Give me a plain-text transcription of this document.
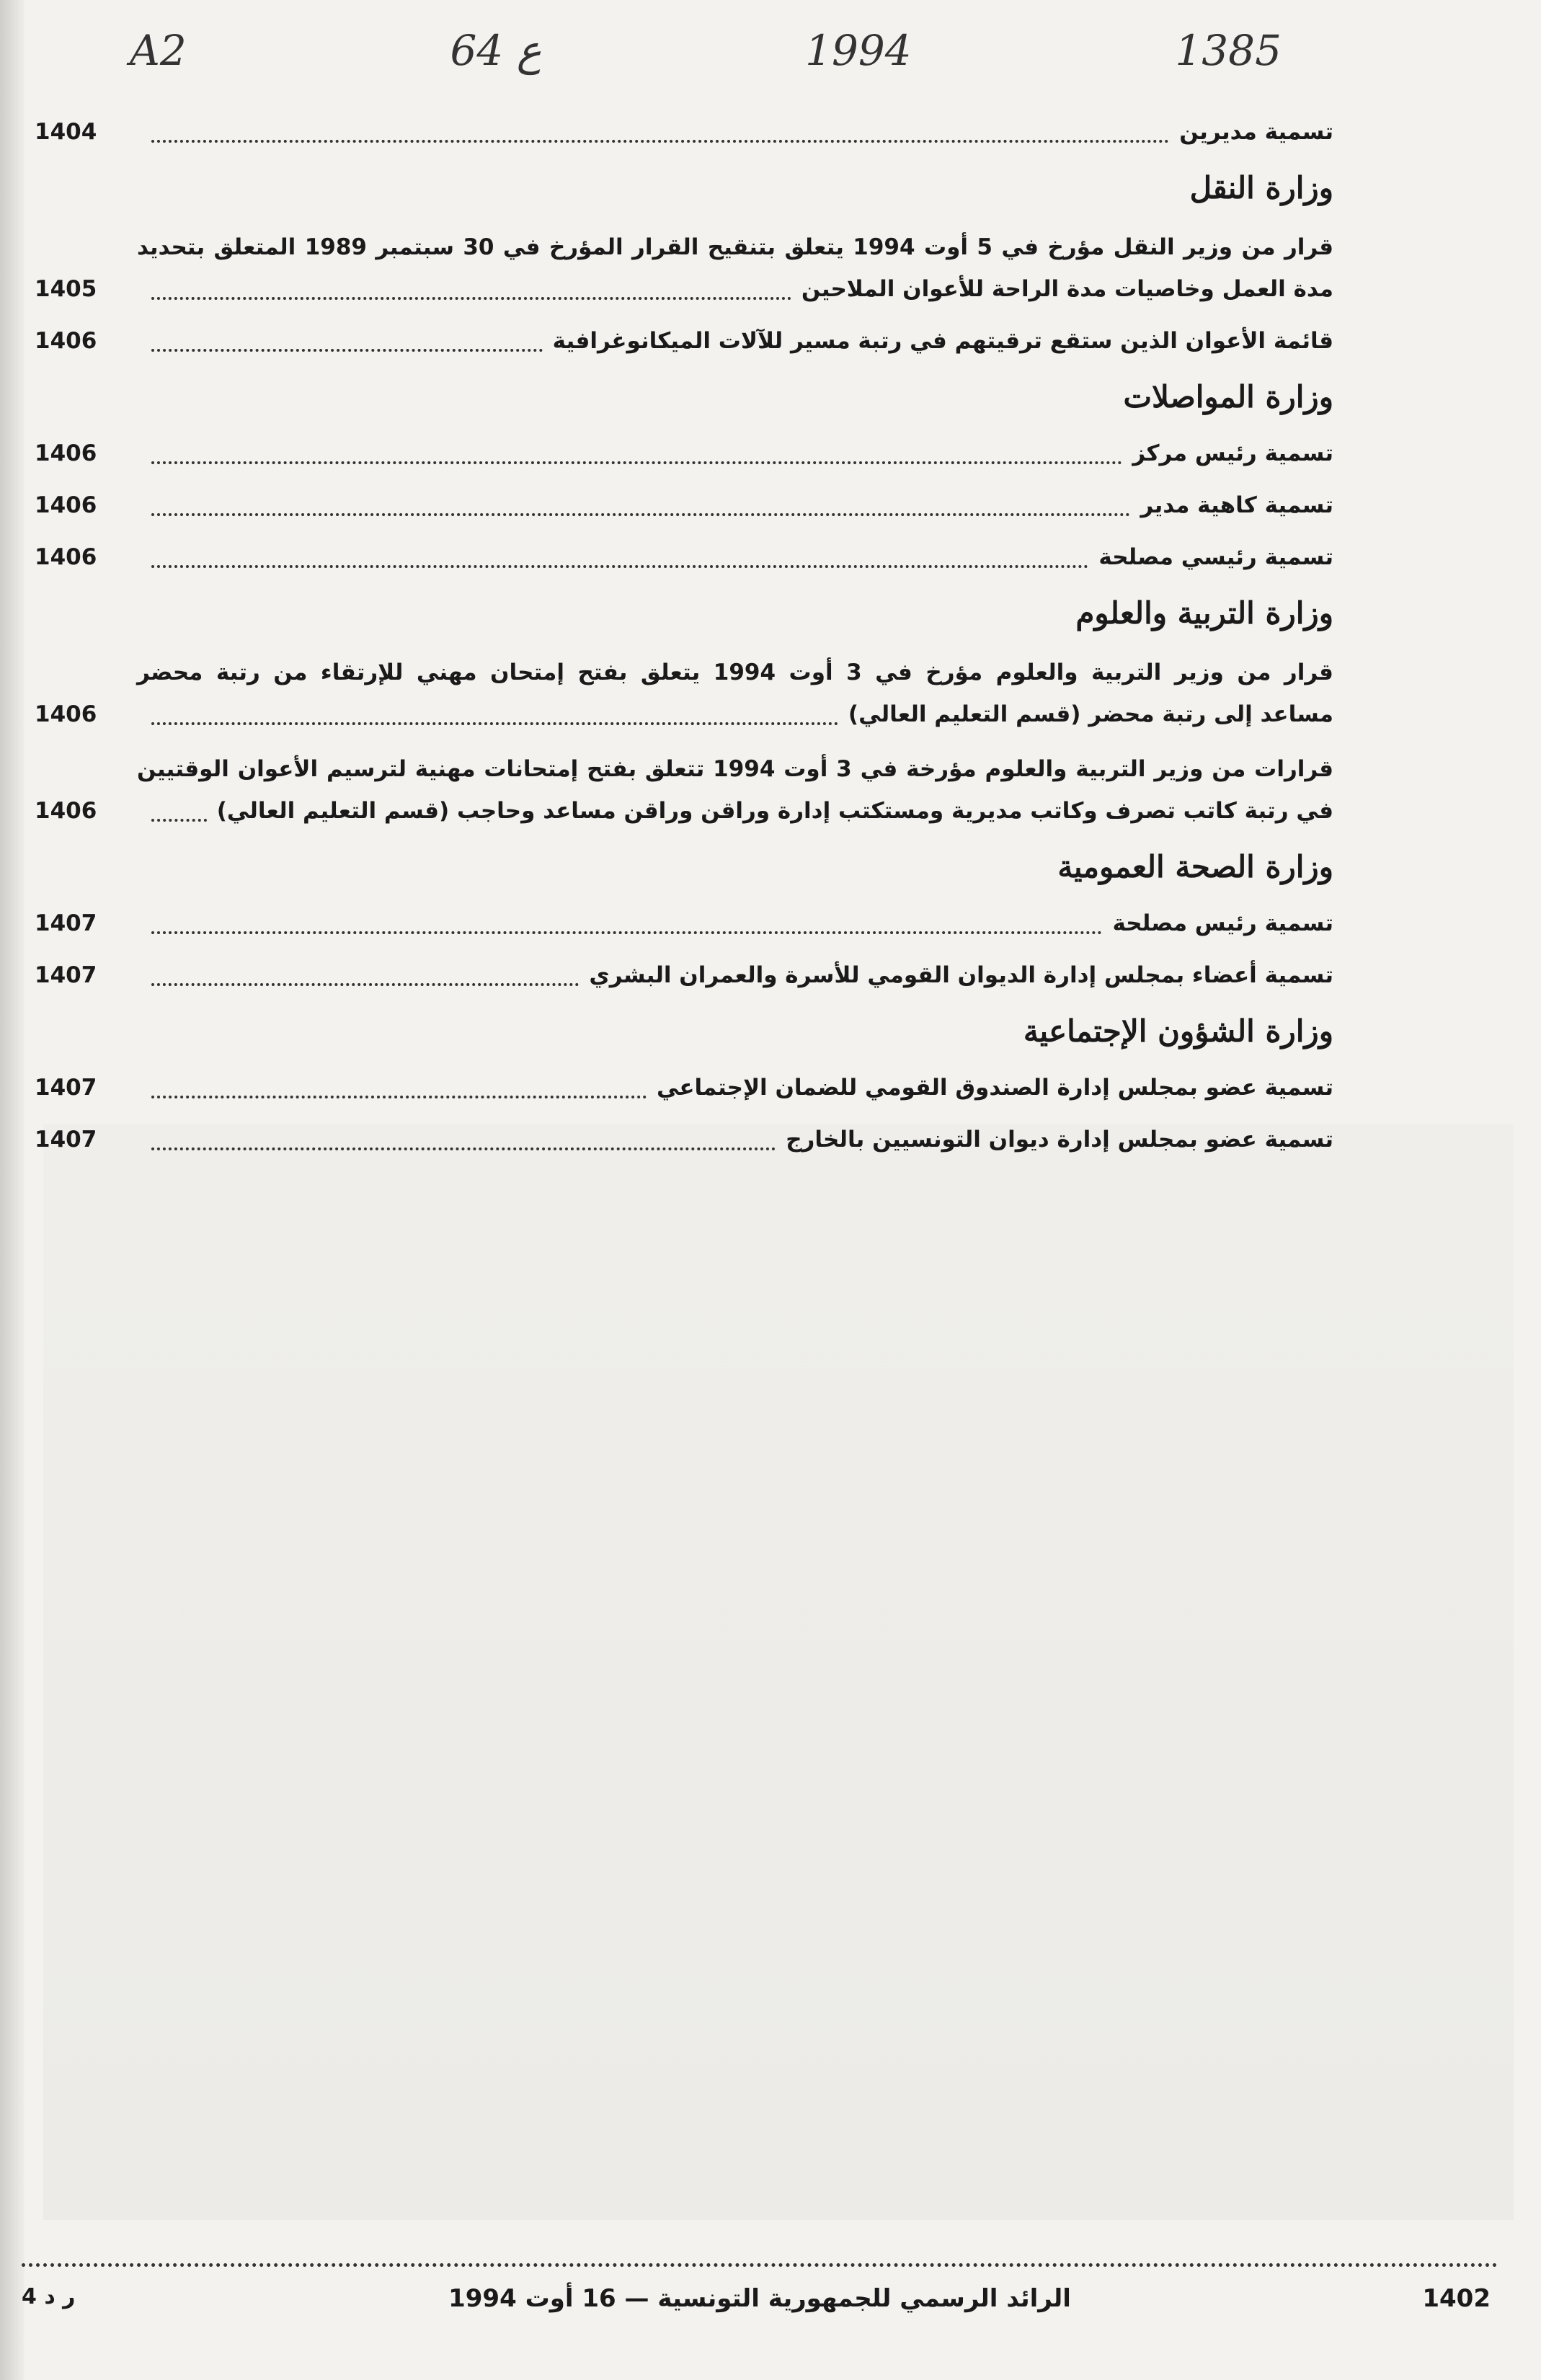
A2	64 ع	1994	1385
تسمية مديرين
1404
وزارة النقل
قرار من وزير النقل مؤرخ في 5 أوت 1994 يتعلق بتنقيح القرار المؤرخ في 30 سبتمبر 1989 المتعلق بتحديد
مدة العمل وخاصيات مدة الراحة للأعوان الملاحين
1405
قائمة الأعوان الذين ستقع ترقيتهم في رتبة مسير للآلات الميكانوغرافية
1406
وزارة المواصلات
تسمية رئيس مركز
1406
تسمية كاهية مدير
1406
تسمية رئيسي مصلحة
1406
وزارة التربية والعلوم
قرار من وزير التربية والعلوم مؤرخ في 3 أوت 1994 يتعلق بفتح إمتحان مهني للإرتقاء من رتبة محضر
مساعد إلى رتبة محضر (قسم التعليم العالي)
1406
قرارات من وزير التربية والعلوم مؤرخة في 3 أوت 1994 تتعلق بفتح إمتحانات مهنية لترسيم الأعوان الوقتيين
في رتبة كاتب تصرف وكاتب مديرية ومستكتب إدارة وراقن وراقن مساعد وحاجب (قسم التعليم العالي)
1406
وزارة الصحة العمومية
تسمية رئيس مصلحة
1407
تسمية أعضاء بمجلس إدارة الديوان القومي للأسرة والعمران البشري
1407
وزارة الشؤون الإجتماعية
تسمية عضو بمجلس إدارة الصندوق القومي للضمان الإجتماعي
1407
تسمية عضو بمجلس إدارة ديوان التونسيين بالخارج
1407
ر د 4	الرائد الرسمي للجمهورية التونسية — 16 أوت 1994	1402
